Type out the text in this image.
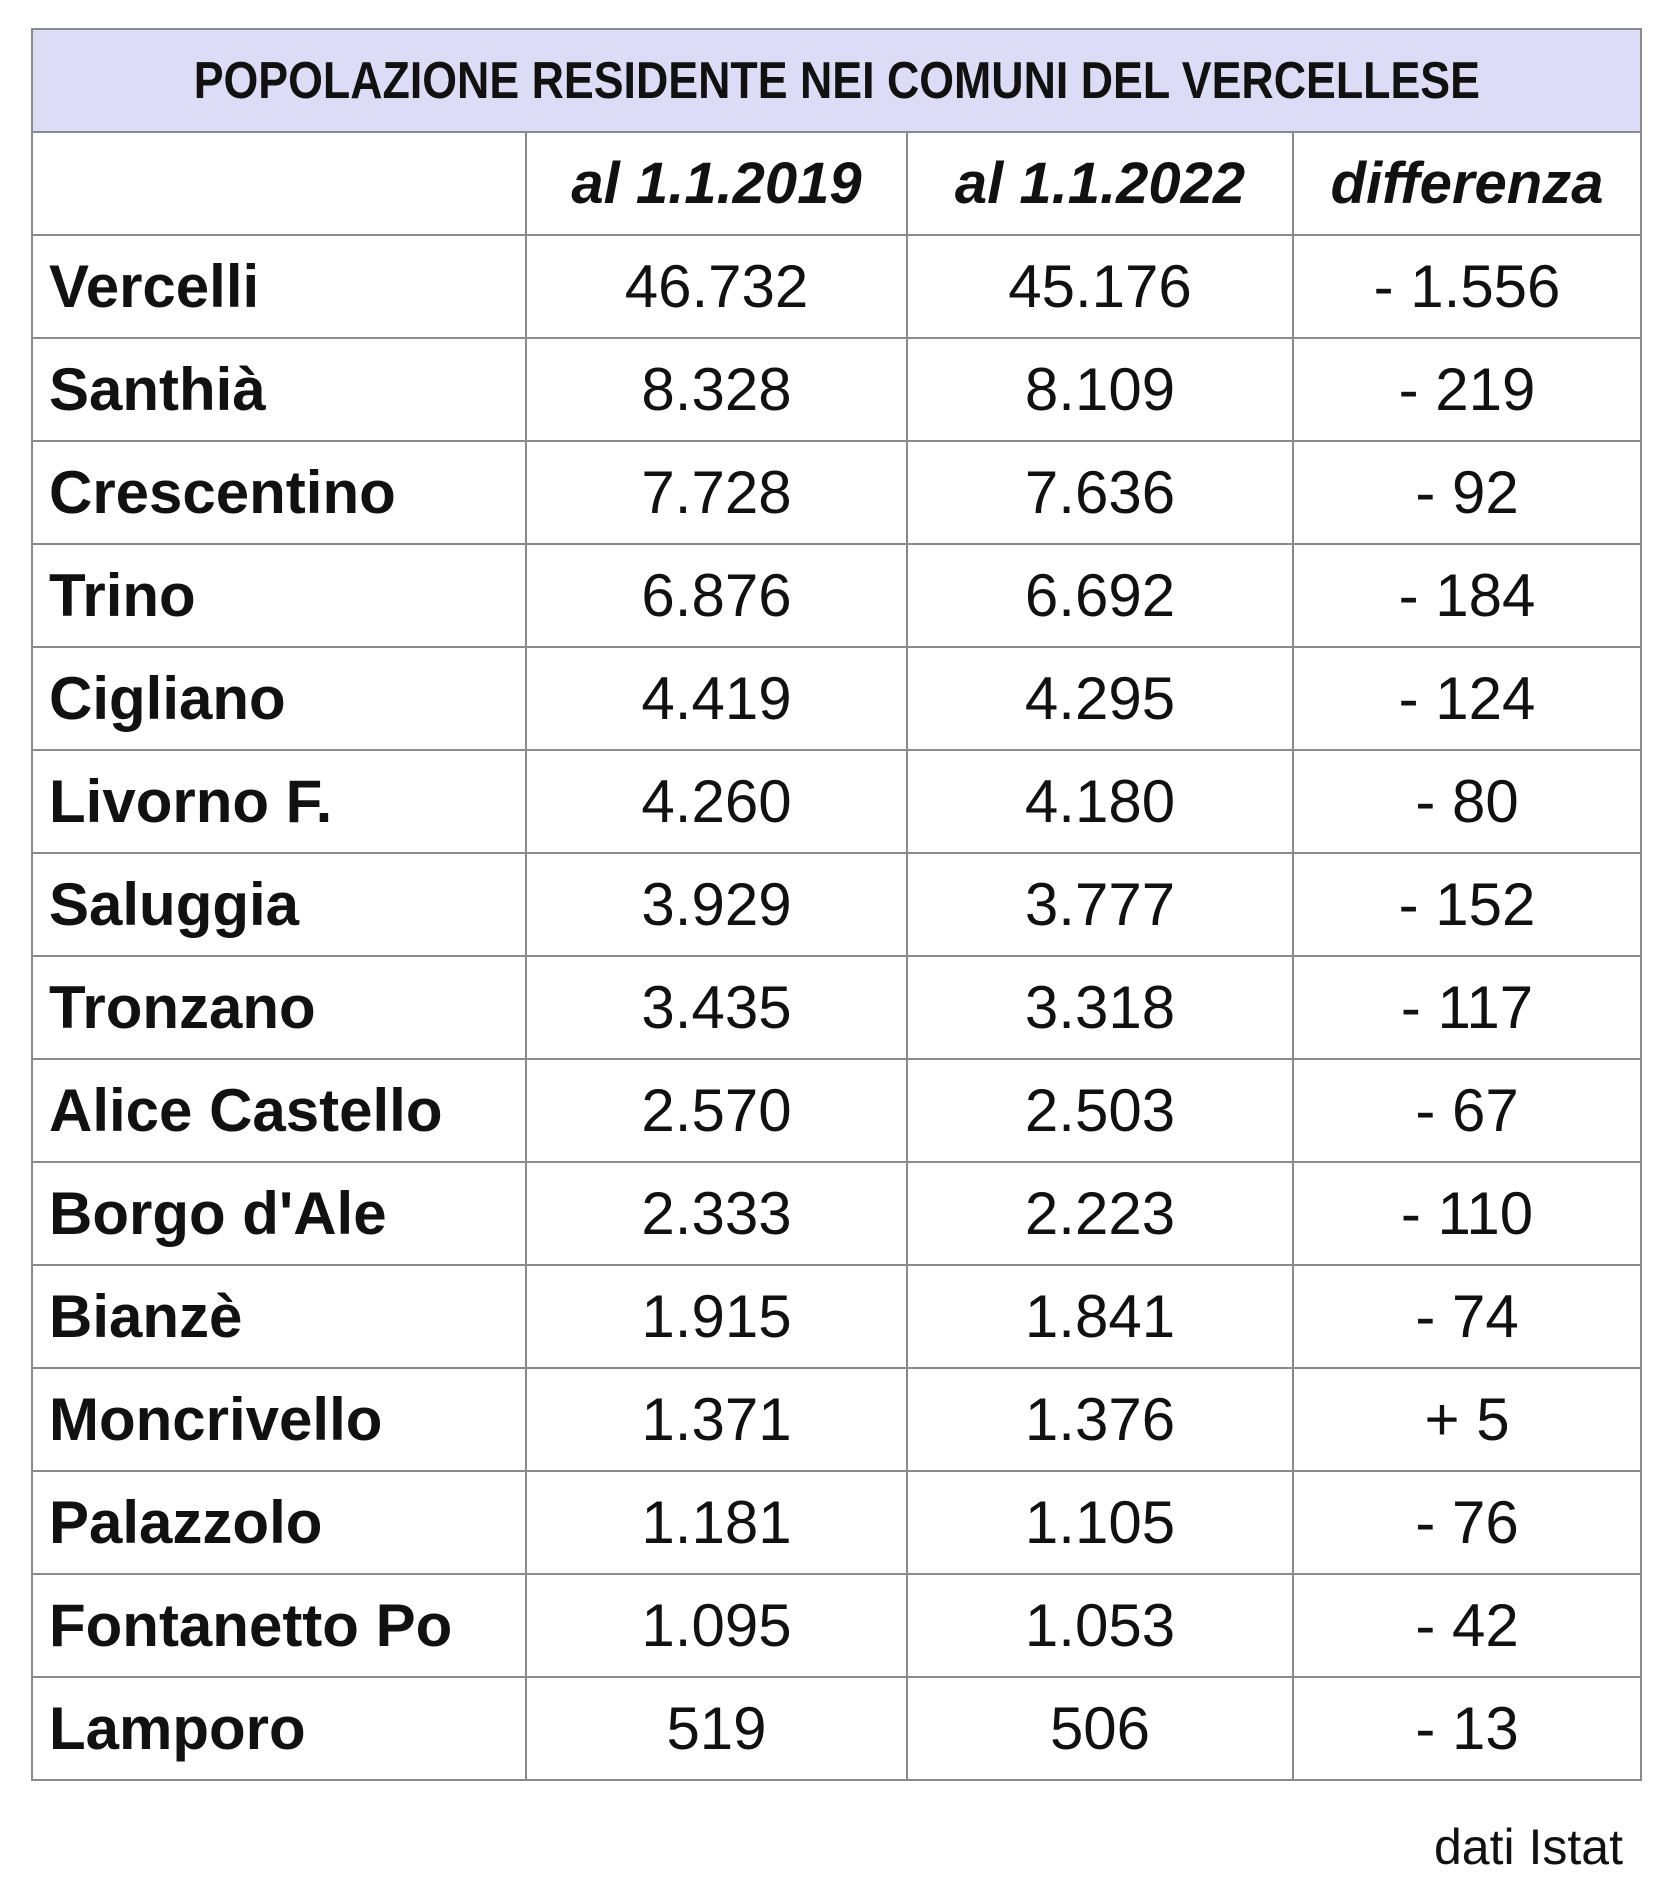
POPOLAZIONE RESIDENTE NEI COMUNI DEL VERCELLESE			
	al 1.1.2019	al 1.1.2022	differenza
Vercelli	46.732	45.176	- 1.556
Santhià	8.328	8.109	- 219
Crescentino	7.728	7.636	- 92
Trino	6.876	6.692	- 184
Cigliano	4.419	4.295	- 124
Livorno F.	4.260	4.180	- 80
Saluggia	3.929	3.777	- 152
Tronzano	3.435	3.318	- 117
Alice Castello	2.570	2.503	- 67
Borgo d'Ale	2.333	2.223	- 110
Bianzè	1.915	1.841	- 74
Moncrivello	1.371	1.376	+ 5
Palazzolo	1.181	1.105	- 76
Fontanetto Po	1.095	1.053	- 42
Lamporo	519	506	- 13
dati Istat
